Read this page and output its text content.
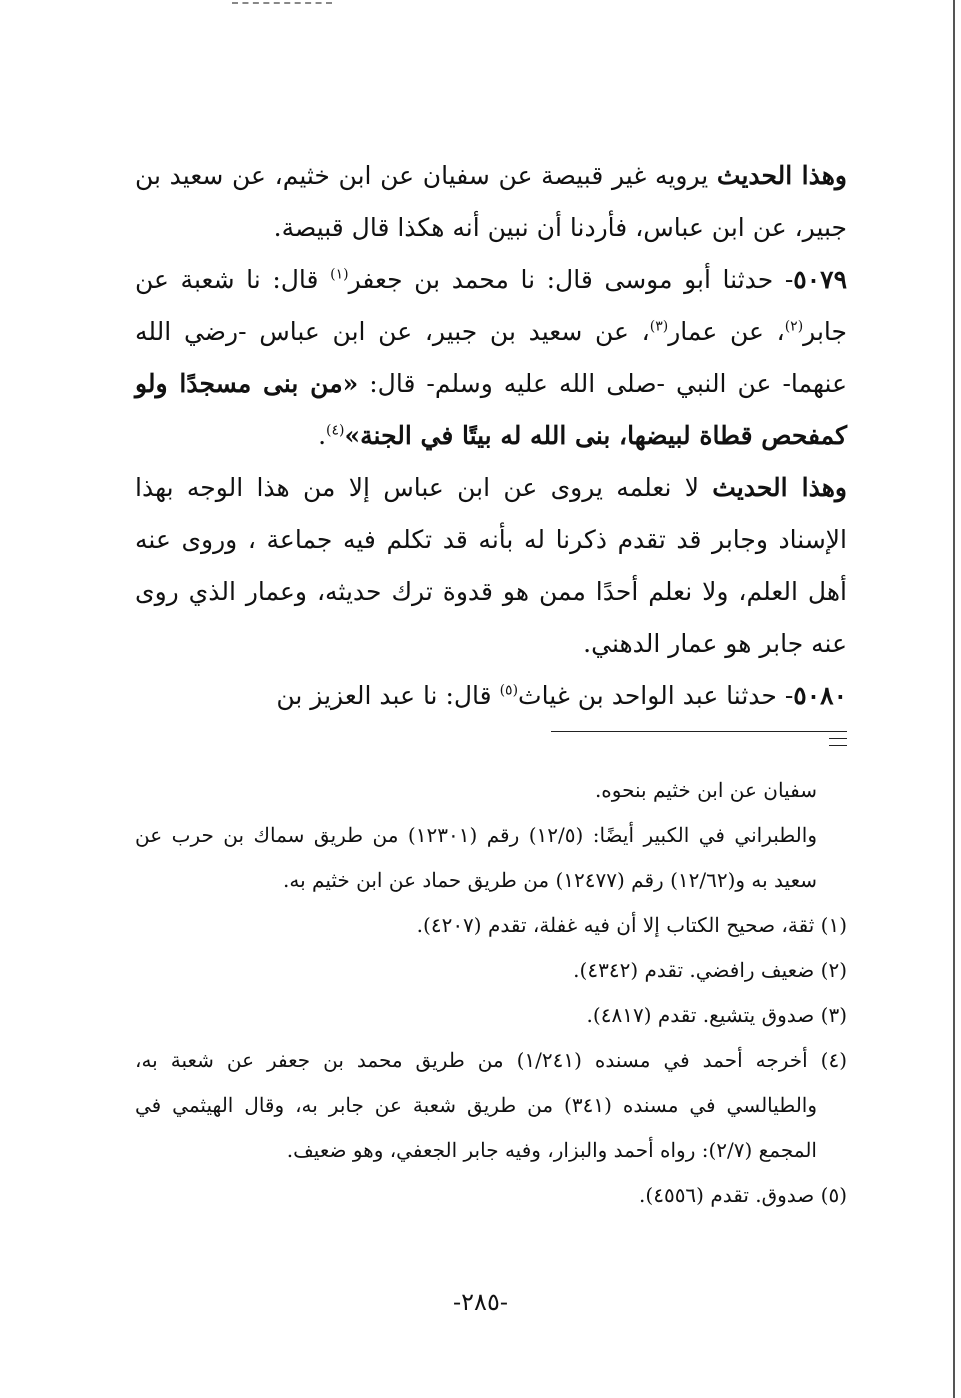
وهذا الحديث يرويه غير قبيصة عن سفيان عن ابن خثيم، عن سعيد بن جبير، عن ابن عباس، فأردنا أن نبين أنه هكذا قال قبيصة.

٥٠٧٩- حدثنا أبو موسى قال: نا محمد بن جعفر$^{(١)}$ قال: نا شعبة عن جابر$^{(٢)}$، عن عمار$^{(٣)}$، عن سعيد بن جبير، عن ابن عباس -رضي الله عنهما- عن النبي -صلى الله عليه وسلم- قال: «من بنى مسجدًا ولو كمفحص قطاة لبيضها، بنى الله له بيتًا في الجنة»$^{(٤)}$.

وهذا الحديث لا نعلمه يروى عن ابن عباس إلا من هذا الوجه بهذا الإسناد وجابر قد تقدم ذكرنا له بأنه قد تكلم فيه جماعة ، وروى عنه أهل العلم، ولا نعلم أحدًا ممن هو قدوة ترك حديثه، وعمار الذي روى عنه جابر هو عمار الدهني.

٥٠٨٠- حدثنا عبد الواحد بن غياث$^{(٥)}$ قال: نا عبد العزيز بن

سفيان عن ابن خثيم بنحوه.

والطبراني في الكبير أيضًا: (١٢/٥) رقم (١٢٣٠١) من طريق سماك بن حرب عن سعيد به و(١٢/٦٢) رقم (١٢٤٧٧) من طريق حماد عن ابن خثيم به.

(١) ثقة، صحيح الكتاب إلا أن فيه غفلة، تقدم (٤٢٠٧).

(٢) ضعيف رافضي. تقدم (٤٣٤٢).

(٣) صدوق يتشيع. تقدم (٤٨١٧).

(٤) أخرجه أحمد في مسنده (١/٢٤١) من طريق محمد بن جعفر عن شعبة به، والطيالسي في مسنده (٣٤١) من طريق شعبة عن جابر به، وقال الهيثمي في المجمع (٢/٧): رواه أحمد والبزار، وفيه جابر الجعفي، وهو ضعيف.

(٥) صدوق. تقدم (٤٥٥٦).

-٢٨٥-
